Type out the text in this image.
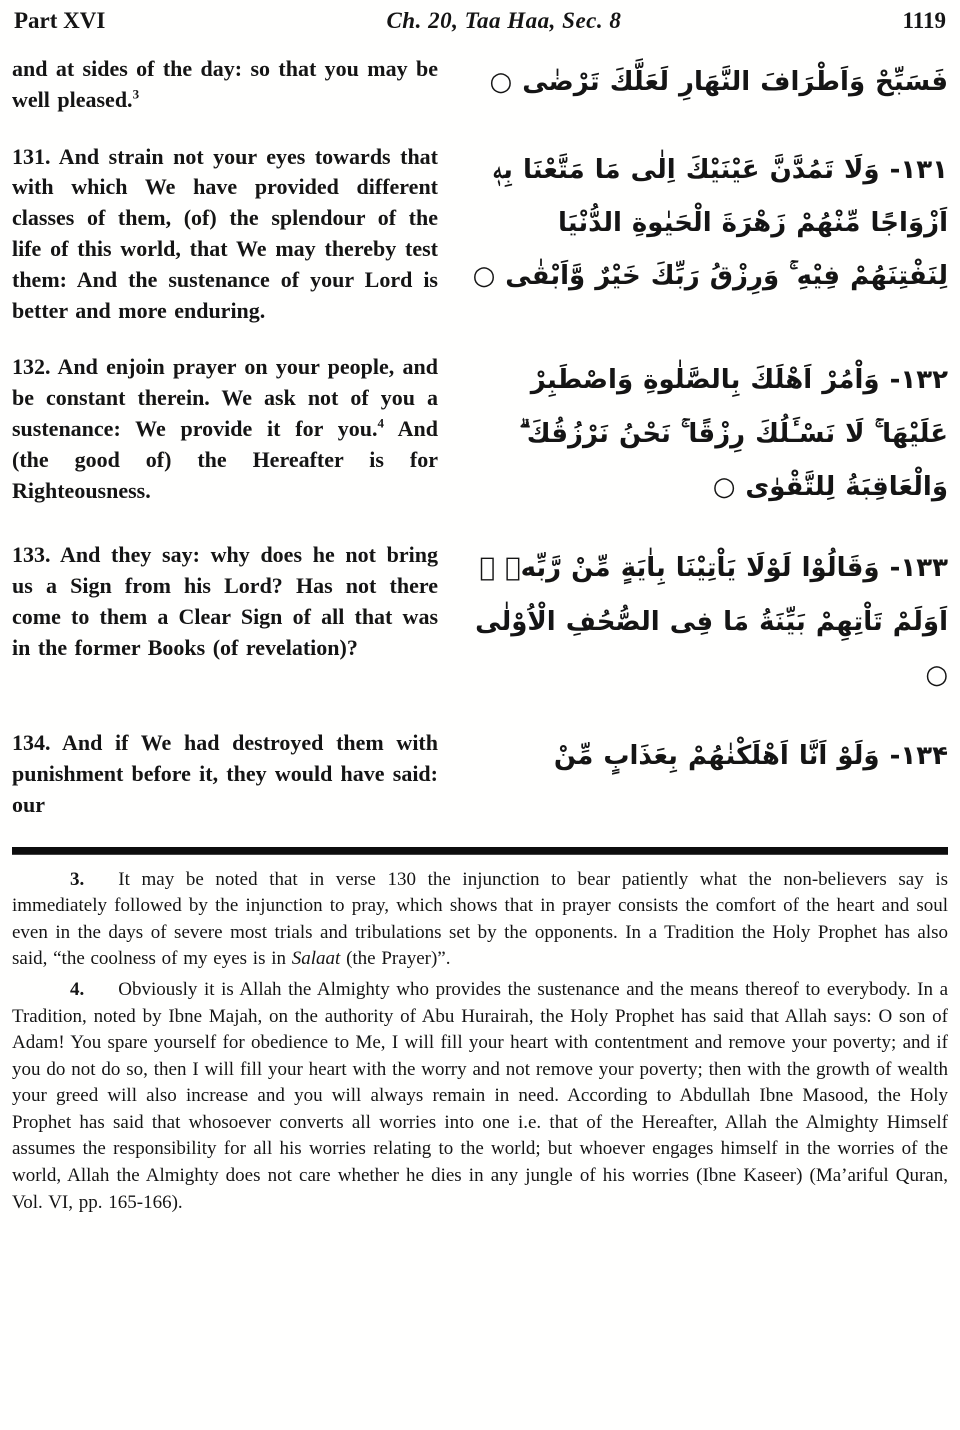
Part XVI	Ch. 20, Taa Haa, Sec. 8	1119
and at sides of the day: so that you may be well pleased.$^3$	فَسَبِّحْ وَاَطْرَافَ النَّهَارِ لَعَلَّكَ تَرْضٰى ○
131. And strain not your eyes towards that with which We have provided different classes of them, (of) the splendour of the life of this world, that We may thereby test them: And the sustenance of your Lord is better and more enduring.
۱۳۱- وَلَا تَمُدَّنَّ عَيْنَيْكَ اِلٰى مَا مَتَّعْنَا بِهٖ اَزْوَاجًا مِّنْهُمْ زَهْرَةَ الْحَيٰوةِ الدُّنْيَا لِنَفْتِنَهُمْ فِيْهِ ۚ وَرِزْقُ رَبِّكَ خَيْرٌ وَّاَبْقٰى ○
132. And enjoin prayer on your people, and be constant therein. We ask not of you a sustenance: We provide it for you.$^4$ And (the good of) the Hereafter is for Righteousness.
۱۳۲- وَاْمُرْ اَهْلَكَ بِالصَّلٰوةِ وَاصْطَبِرْ عَلَيْهَا ۚ لَا نَسْـَٔلُكَ رِزْقًا ۚ نَحْنُ نَرْزُقُكَ ۗ وَالْعَاقِبَةُ لِلتَّقْوٰى ○
133. And they say: why does he not bring us a Sign from his Lord? Has not there come to them a Clear Sign of all that was in the former Books (of revelation)?
۱۳۳- وَقَالُوْا لَوْلَا يَاْتِيْنَا بِاٰيَةٍ مِّنْ رَّبِّهٖ ۚ اَوَلَمْ تَاْتِهِمْ بَيِّنَةُ مَا فِى الصُّحُفِ الْاُوْلٰى ○
134. And if We had destroyed them with punishment before it, they would have said: our
۱۳۴- وَلَوْ اَنَّا اَهْلَكْنٰهُمْ بِعَذَابٍ مِّنْ

3. It may be noted that in verse 130 the injunction to bear patiently what the non-believers say is immediately followed by the injunction to pray, which shows that in prayer consists the comfort of the heart and soul even in the days of severe most trials and tribulations set by the opponents. In a Tradition the Holy Prophet has also said, “the coolness of my eyes is in Salaat (the Prayer)”.

4. Obviously it is Allah the Almighty who provides the sustenance and the means thereof to everybody. In a Tradition, noted by Ibne Majah, on the authority of Abu Hurairah, the Holy Prophet has said that Allah says: O son of Adam! You spare yourself for obedience to Me, I will fill your heart with contentment and remove your poverty; and if you do not do so, then I will fill your heart with the worry and not remove your poverty; then with the growth of wealth your greed will also increase and you will always remain in need. According to Abdullah Ibne Masood, the Holy Prophet has said that whosoever converts all worries into one i.e. that of the Hereafter, Allah the Almighty Himself assumes the responsibility for all his worries relating to the world; but whoever engages himself in the worries of the world, Allah the Almighty does not care whether he dies in any jungle of his worries (Ibne Kaseer) (Ma’ariful Quran, Vol. VI, pp. 165-166).
